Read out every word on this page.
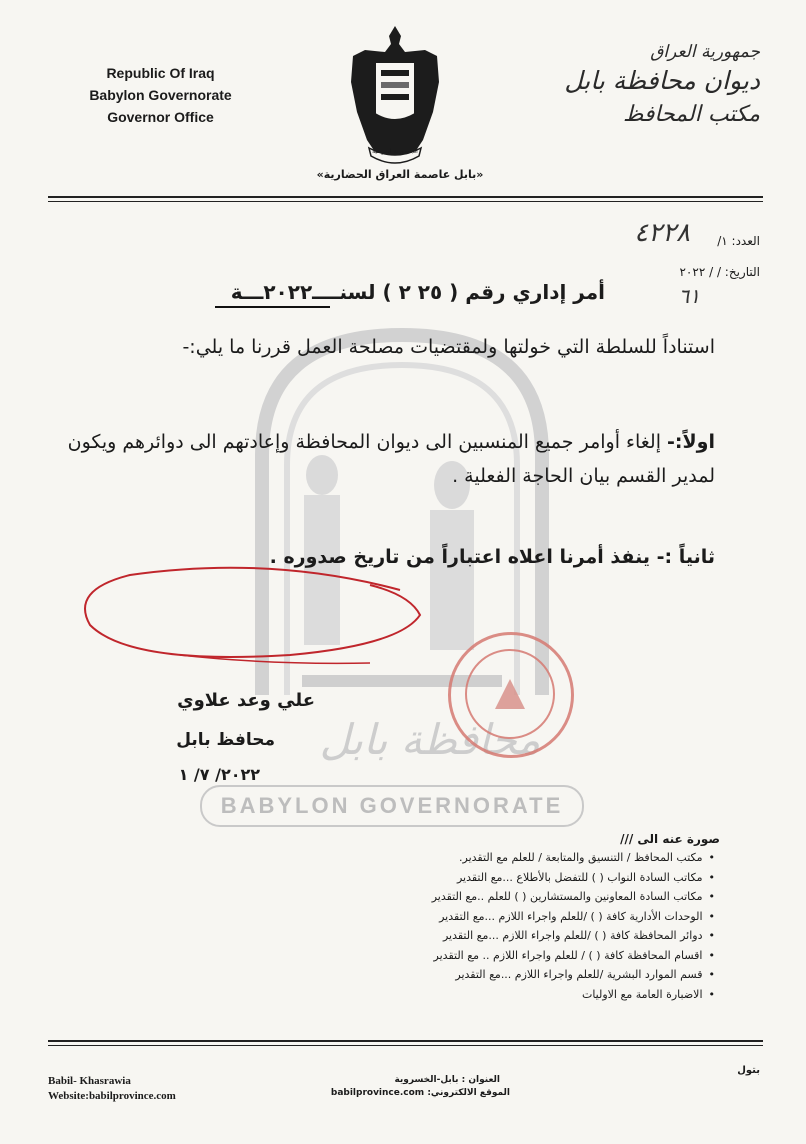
Republic Of Iraq
Babylon Governorate
Governor Office
الجمهورية العراقية
«بابل عاصمة العراق الحضارية»
جمهورية العراق
ديوان محافظة بابل
مكتب المحافظ
العدد: ١/
٤٢٢٨
التاريخ: / / ٢٠٢٢
٦١
محافظة بابل
BABYLON GOVERNORATE
أمر إداري رقم ( ٢٥ ٢ ) لسنــــ٢٠٢٢ـــة
استناداً للسلطة التي خولتها ولمقتضيات مصلحة العمل قررنا ما يلي:-
اولاً:- إلغاء أوامر جميع المنسبين الى ديوان المحافظة وإعادتهم الى دوائرهم ويكون لمدير القسم بيان الحاجة الفعلية .
ثانياً :- ينفذ أمرنا اعلاه اعتباراً من تاريخ صدوره .
علي وعد علاوي
محافظ بابل
٢٠٢٢/ ٧/ ١
صورة عنه الى ///
• مكتب المحافظ / التنسيق والمتابعة / للعلم مع التقدير.
• مكاتب السادة النواب ( ) للتفضل بالأطلاع ...مع التقدير
• مكاتب السادة المعاونين والمستشارين ( ) للعلم ..مع التقدير
• الوحدات الأدارية كافة ( ) /للعلم واجراء اللازم ...مع التقدير
• دوائر المحافظة كافة ( ) /للعلم واجراء اللازم ...مع التقدير
• اقسام المحافظة كافة ( ) / للعلم واجراء اللازم .. مع التقدير
• قسم الموارد البشرية /للعلم واجراء اللازم ...مع التقدير
• الاضبارة العامة مع الاوليات
Babil- Khasrawia
Website:babilprovince.com
العنوان : بابل-الخسروية
الموقع الالكتروني: babilprovince.com
بتول
